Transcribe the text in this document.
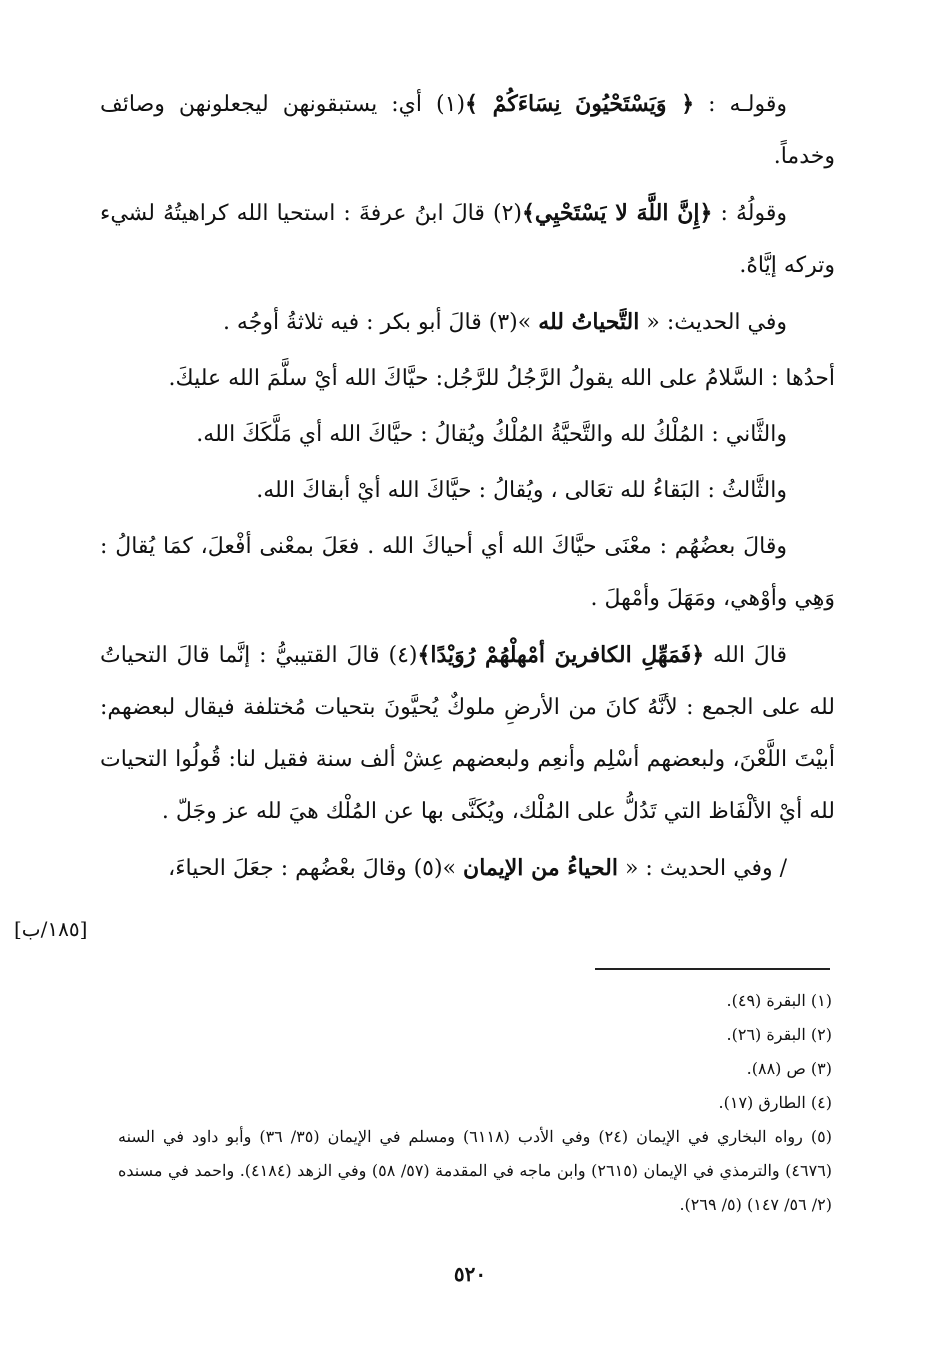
وقولـه : ﴿ وَيَسْتَحْيُونَ نِسَاءَكُمْ ﴾(١) أي: يستبقونهن ليجعلونهن وصائف وخدماً.

وقولُهُ : ﴿إِنَّ اللَّهَ لا يَسْتَحْيِي﴾(٢) قالَ ابنُ عرفةَ : استحيا الله كراهيتُهُ لشيء وتركه إيَّاهُ.

وفي الحديث: « التَّحياتُ لله »(٣) قالَ أبو بكر : فيه ثلاثةُ أوجُه .

أحدُها : السَّلامُ على الله يقولُ الرَّجُلُ للرَّجُل: حيَّاكَ الله أيْ سلَّمَ الله عليكَ.

والثَّاني : المُلْكُ لله والتَّحيَّةُ المُلْكُ ويُقالُ : حيَّاكَ الله أي مَلَّكَكَ الله.

والثَّالثُ : البَقاءُ لله تعَالى ، ويُقالُ : حيَّاكَ الله أيْ أبقاكَ الله.

وقالَ بعضُهُم : معْنَى حيَّاكَ الله أي أحياكَ الله . فعَلَ بمعْنى أفْعلَ، كمَا يُقالُ : وَهِي وأوْهي، ومَهَلَ وأمْهلَ .

قالَ الله ﴿فَمَهِّلِ الكافرينَ أمْهلْهُمْ رُوَيْدًا﴾(٤) قالَ القتيبيُّ : إنَّما قالَ التحياتُ لله على الجمع : لأنَّهُ كانَ من الأرضِ ملوكٌ يُحيَّونَ بتحيات مُختلفة فيقال لبعضهم: أبيْتَ اللَّعْنَ، ولبعضهم أسْلِم وأنعِم ولبعضهم عِشْ ألف سنة فقيل لنا: قُولُوا التحيات لله أيْ الألْفَاظ التي تَدُلُّ على المُلْك، ويُكَنَّى بها عن المُلْك هيَ لله عز وجَلّ .

/ وفي الحديث : « الحياءُ من الإيمان »(٥) وقالَ بعْضُهم : جعَلَ الحياءَ،

[١٨٥/ب]

(١) البقرة (٤٩).

(٢) البقرة (٢٦).

(٣) ص (٨٨).

(٤) الطارق (١٧).

(٥) رواه البخاري في الإيمان (٢٤) وفي الأدب (٦١١٨) ومسلم في الإيمان (٣٥/ ٣٦) وأبو داود في السنه (٤٦٧٦) والترمذي في الإيمان (٢٦١٥) وابن ماجه في المقدمة (٥٧/ ٥٨) وفي الزهد (٤١٨٤). واحمد في مسنده (٢/ ٥٦/ ١٤٧) (٥/ ٢٦٩).

٥٢٠
